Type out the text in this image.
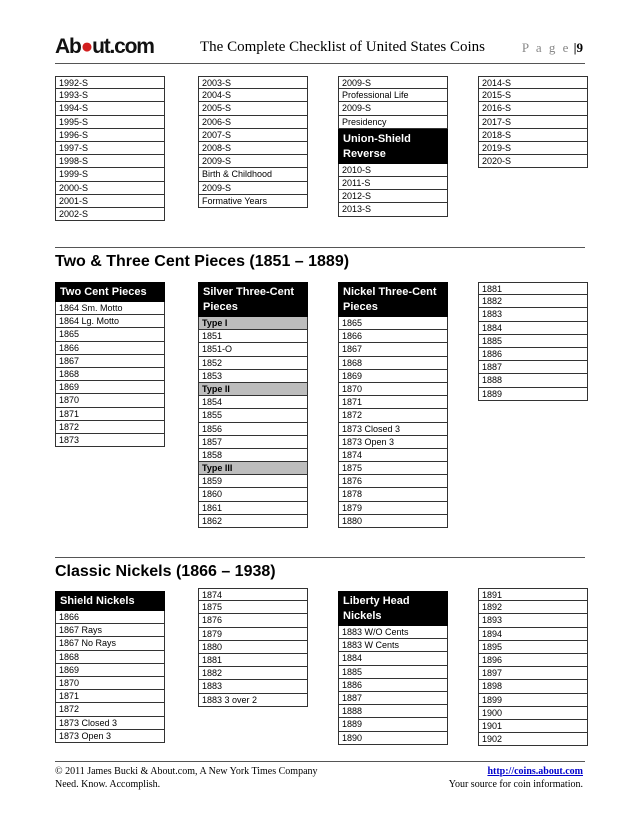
Ab●ut.com	The Complete Checklist of United States Coins	P a g e |9
1992-S
1993-S
1994-S
1995-S
1996-S
1997-S
1998-S
1999-S
2000-S
2001-S
2002-S
2003-S
2004-S
2005-S
2006-S
2007-S
2008-S
2009-S
Birth & Childhood
2009-S
Formative Years
2009-S
Professional Life
2009-S
Presidency
Union-Shield Reverse
2010-S
2011-S
2012-S
2013-S
2014-S
2015-S
2016-S
2017-S
2018-S
2019-S
2020-S
Two & Three Cent Pieces (1851 – 1889)
Two Cent Pieces
1864 Sm. Motto
1864 Lg. Motto
1865
1866
1867
1868
1869
1870
1871
1872
1873
Silver Three-Cent
Pieces
Type I
1851
1851-O
1852
1853
Type II
1854
1855
1856
1857
1858
Type III
1859
1860
1861
1862
Nickel Three-Cent
Pieces
1865
1866
1867
1868
1869
1870
1871
1872
1873 Closed 3
1873 Open 3
1874
1875
1876
1878
1879
1880
1881
1882
1883
1884
1885
1886
1887
1888
1889
Classic Nickels (1866 – 1938)
Shield Nickels
1866
1867 Rays
1867 No Rays
1868
1869
1870
1871
1872
1873 Closed 3
1873 Open 3
1874
1875
1876
1879
1880
1881
1882
1883
1883 3 over 2
Liberty Head
Nickels
1883 W/O Cents
1883 W Cents
1884
1885
1886
1887
1888
1889
1890
1891
1892
1893
1894
1895
1896
1897
1898
1899
1900
1901
1902
© 2011 James Bucki & About.com, A New York Times Company
Need. Know. Accomplish.
http://coins.about.com
Your source for coin information.
